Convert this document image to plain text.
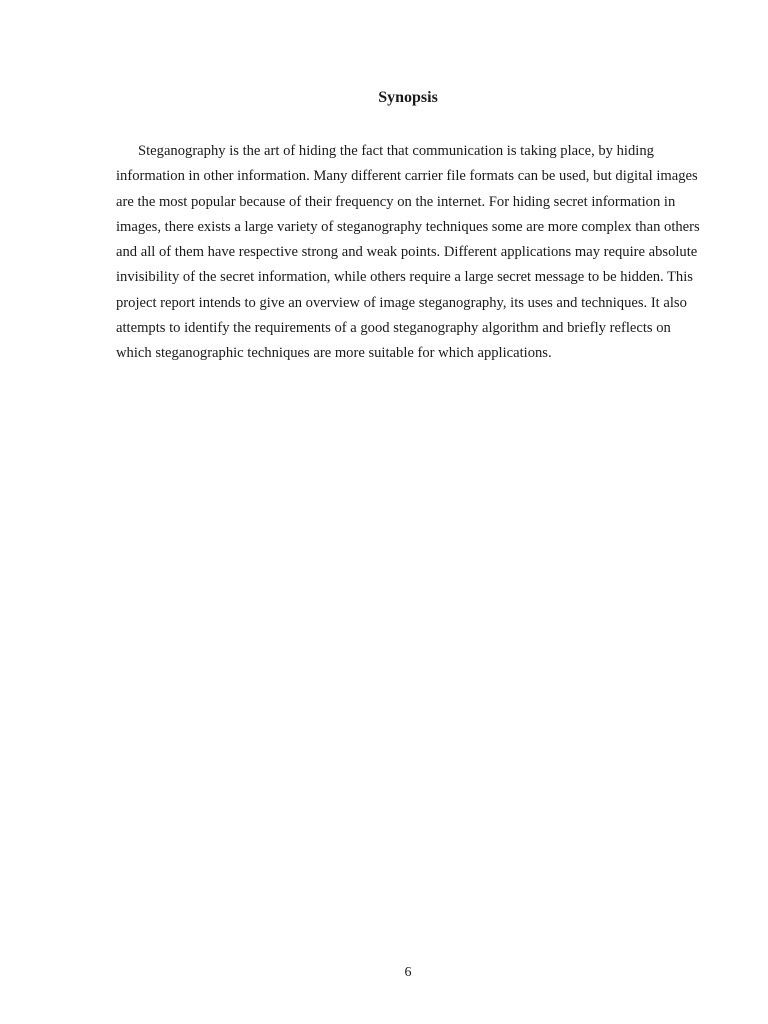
Synopsis

Steganography is the art of hiding the fact that communication is taking place, by hiding information in other information. Many different carrier file formats can be used, but digital images are the most popular because of their frequency on the internet. For hiding secret information in images, there exists a large variety of steganography techniques some are more complex than others and all of them have respective strong and weak points. Different applications may require absolute invisibility of the secret information, while others require a large secret message to be hidden. This project report intends to give an overview of image steganography, its uses and techniques. It also attempts to identify the requirements of a good steganography algorithm and briefly reflects on which steganographic techniques are more suitable for which applications.

6
